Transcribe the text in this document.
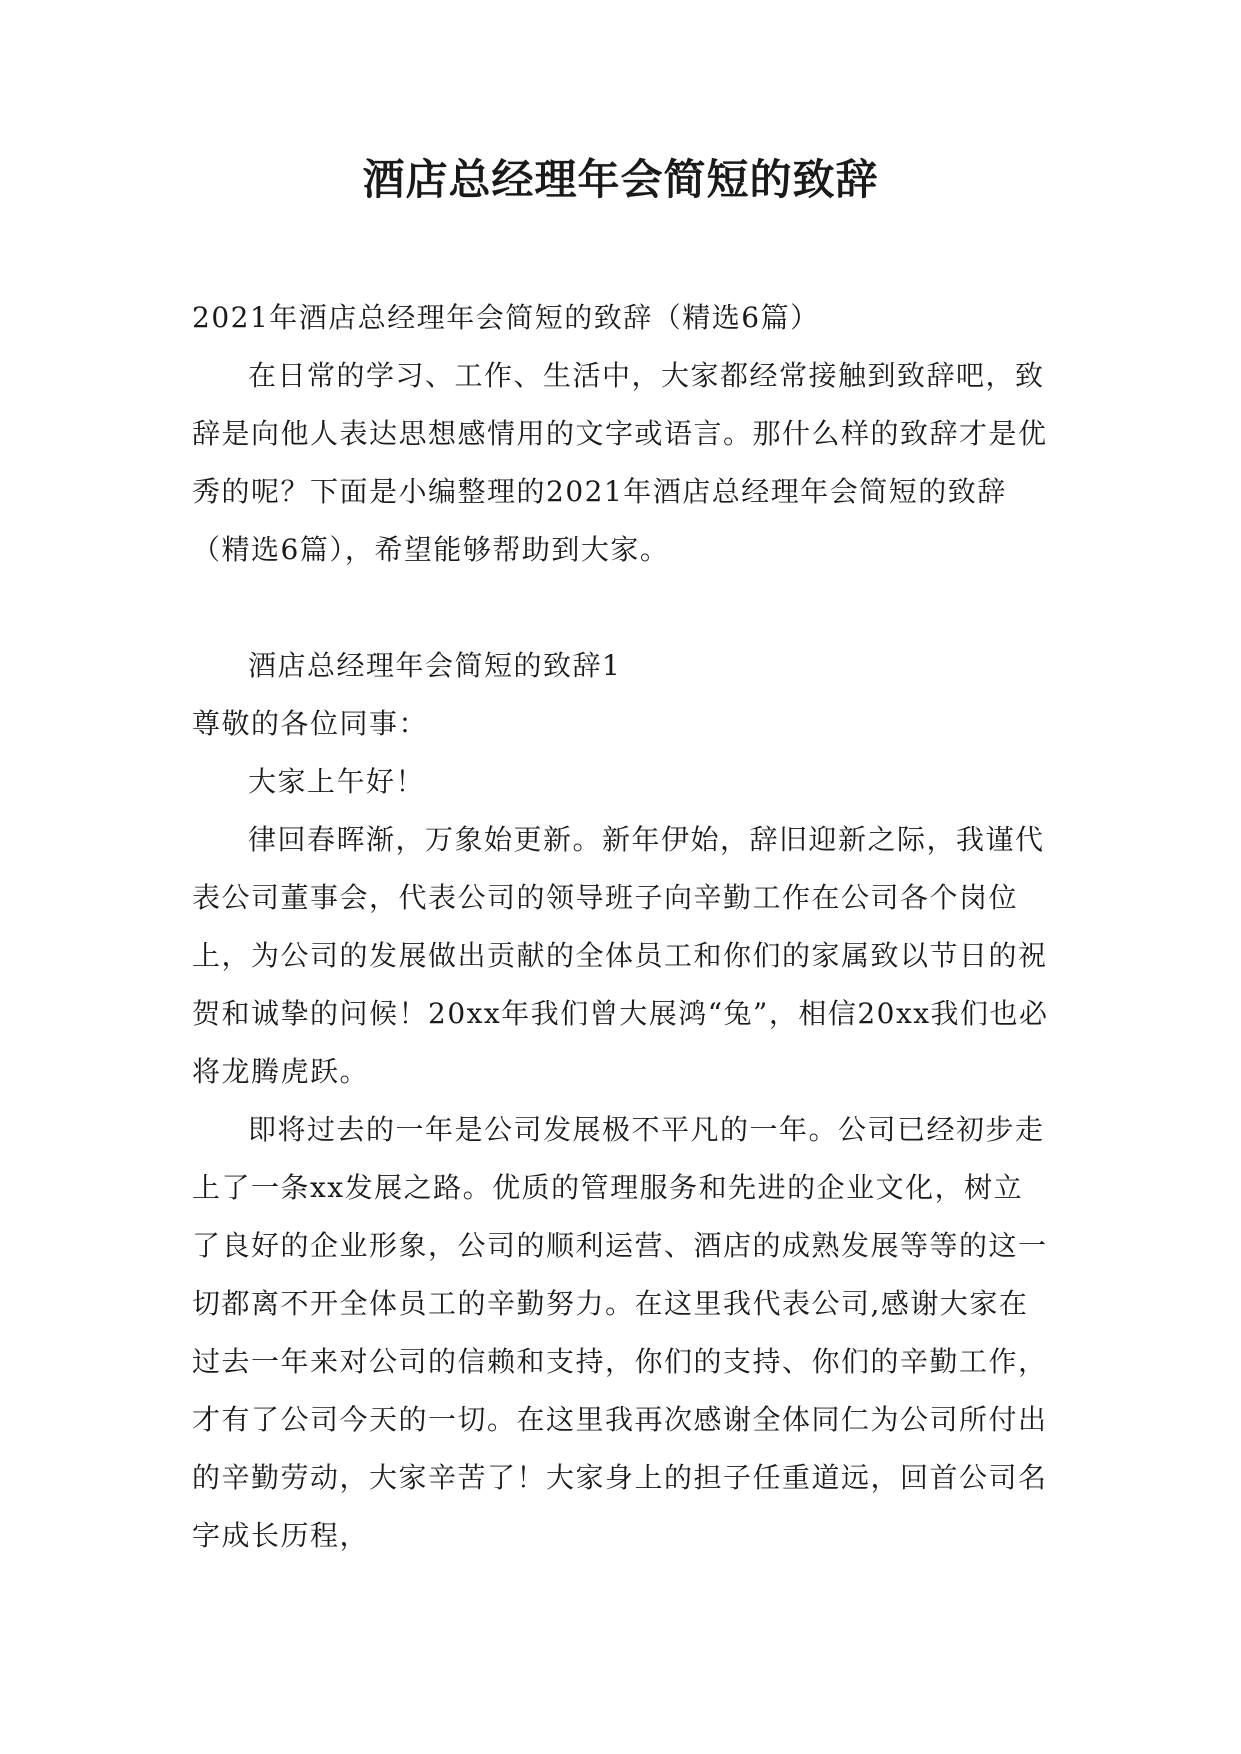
酒店总经理年会简短的致辞

2021年酒店总经理年会简短的致辞（精选6篇）

在日常的学习、工作、生活中，大家都经常接触到致辞吧，致辞是向他人表达思想感情用的文字或语言。那什么样的致辞才是优秀的呢？下面是小编整理的2021年酒店总经理年会简短的致辞（精选6篇），希望能够帮助到大家。

酒店总经理年会简短的致辞1

尊敬的各位同事：

大家上午好！

律回春晖渐，万象始更新。新年伊始，辞旧迎新之际，我谨代表公司董事会，代表公司的领导班子向辛勤工作在公司各个岗位上，为公司的发展做出贡献的全体员工和你们的家属致以节日的祝贺和诚挚的问候！20xx年我们曾大展鸿“兔”，相信20xx我们也必将龙腾虎跃。

即将过去的一年是公司发展极不平凡的一年。公司已经初步走上了一条xx发展之路。优质的管理服务和先进的企业文化，树立了良好的企业形象，公司的顺利运营、酒店的成熟发展等等的这一切都离不开全体员工的辛勤努力。在这里我代表公司,感谢大家在过去一年来对公司的信赖和支持，你们的支持、你们的辛勤工作，才有了公司今天的一切。在这里我再次感谢全体同仁为公司所付出的辛勤劳动，大家辛苦了！大家身上的担子任重道远，回首公司名字成长历程，
